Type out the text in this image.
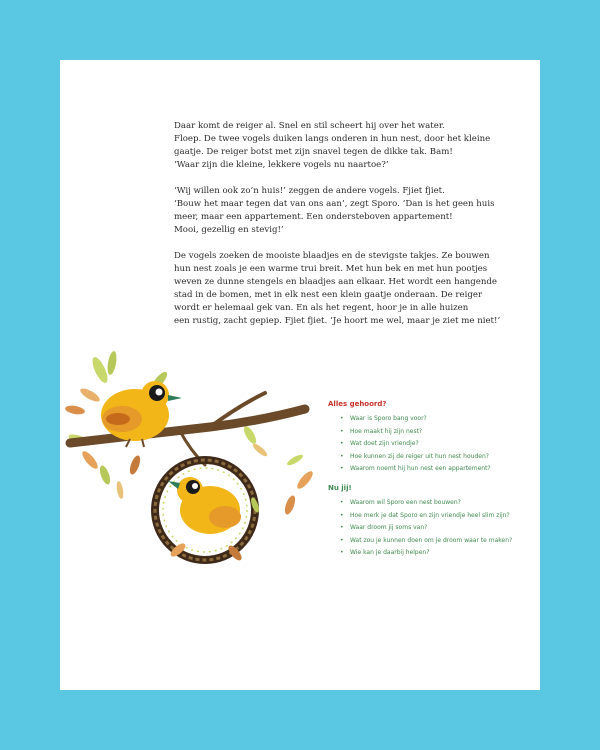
Daar komt de reiger al. Snel en stil scheert hij over het water.
Floep. De twee vogels duiken langs onderen in hun nest, door het kleine
gaatje. De reiger botst met zijn snavel tegen de dikke tak. Bam!
‘Waar zijn die kleine, lekkere vogels nu naartoe?’
‘Wij willen ook zo’n huis!’ zeggen de andere vogels. Fjiet fjiet.
‘Bouw het maar tegen dat van ons aan’, zegt Sporo. ‘Dan is het geen huis
meer, maar een appartement. Een ondersteboven appartement!
Mooi, gezellig en stevig!’
De vogels zoeken de mooiste blaadjes en de stevigste takjes. Ze bouwen
hun nest zoals je een warme trui breit. Met hun bek en met hun pootjes
weven ze dunne stengels en blaadjes aan elkaar. Het wordt een hangende
stad in de bomen, met in elk nest een klein gaatje onderaan. De reiger
wordt er helemaal gek van. En als het regent, hoor je in alle huizen
een rustig, zacht gepiep. Fjiet fjiet. ‘Je hoort me wel, maar je ziet me niet!’
Alles gehoord?
• Waar is Sporo bang voor?
• Hoe maakt hij zijn nest?
• Wat doet zijn vriendje?
• Hoe kunnen zij de reiger uit hun nest houden?
• Waarom noemt hij hun nest een appartement?
Nu jij!
• Waarom wil Sporo een nest bouwen?
• Hoe merk je dat Sporo en zijn vriendje heel slim zijn?
• Waar droom jij soms van?
• Wat zou je kunnen doen om je droom waar te maken?
• Wie kan je daarbij helpen?
